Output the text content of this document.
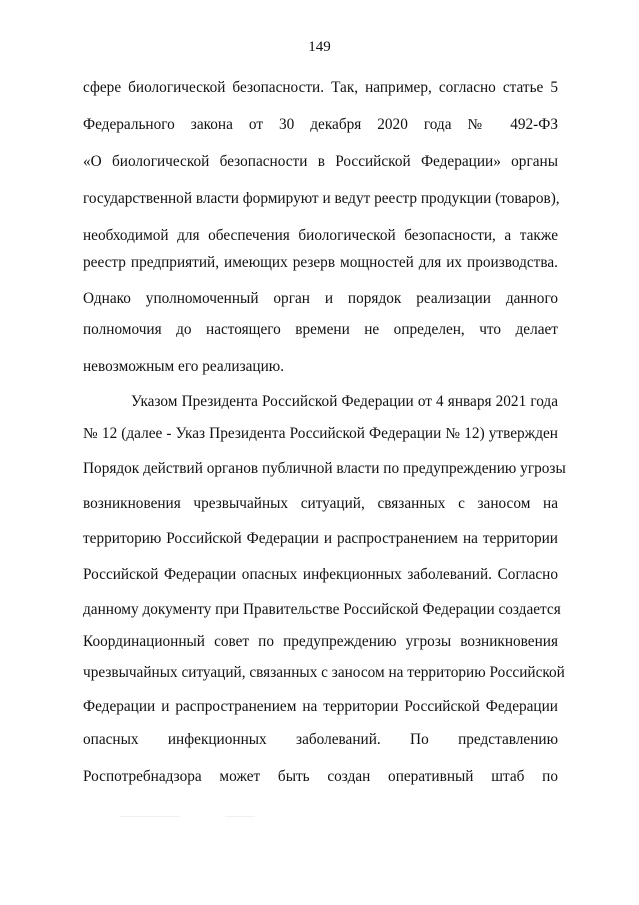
149
сфере биологической безопасности. Так, например, согласно статье 5
Федерального закона от 30 декабря 2020 года № 492-ФЗ
«О биологической безопасности в Российской Федерации» органы
государственной власти формируют и ведут реестр продукции (товаров),
необходимой для обеспечения биологической безопасности, а также
реестр предприятий, имеющих резерв мощностей для их производства.
Однако уполномоченный орган и порядок реализации данного
полномочия до настоящего времени не определен, что делает
невозможным его реализацию.
Указом Президента Российской Федерации от 4 января 2021 года
№ 12 (далее - Указ Президента Российской Федерации № 12) утвержден
Порядок действий органов публичной власти по предупреждению угрозы
возникновения чрезвычайных ситуаций, связанных с заносом на
территорию Российской Федерации и распространением на территории
Российской Федерации опасных инфекционных заболеваний. Согласно
данному документу при Правительстве Российской Федерации создается
Координационный совет по предупреждению угрозы возникновения
чрезвычайных ситуаций, связанных с заносом на территорию Российской
Федерации и распространением на территории Российской Федерации
опасных инфекционных заболеваний. По представлению
Роспотребнадзора может быть создан оперативный штаб по
